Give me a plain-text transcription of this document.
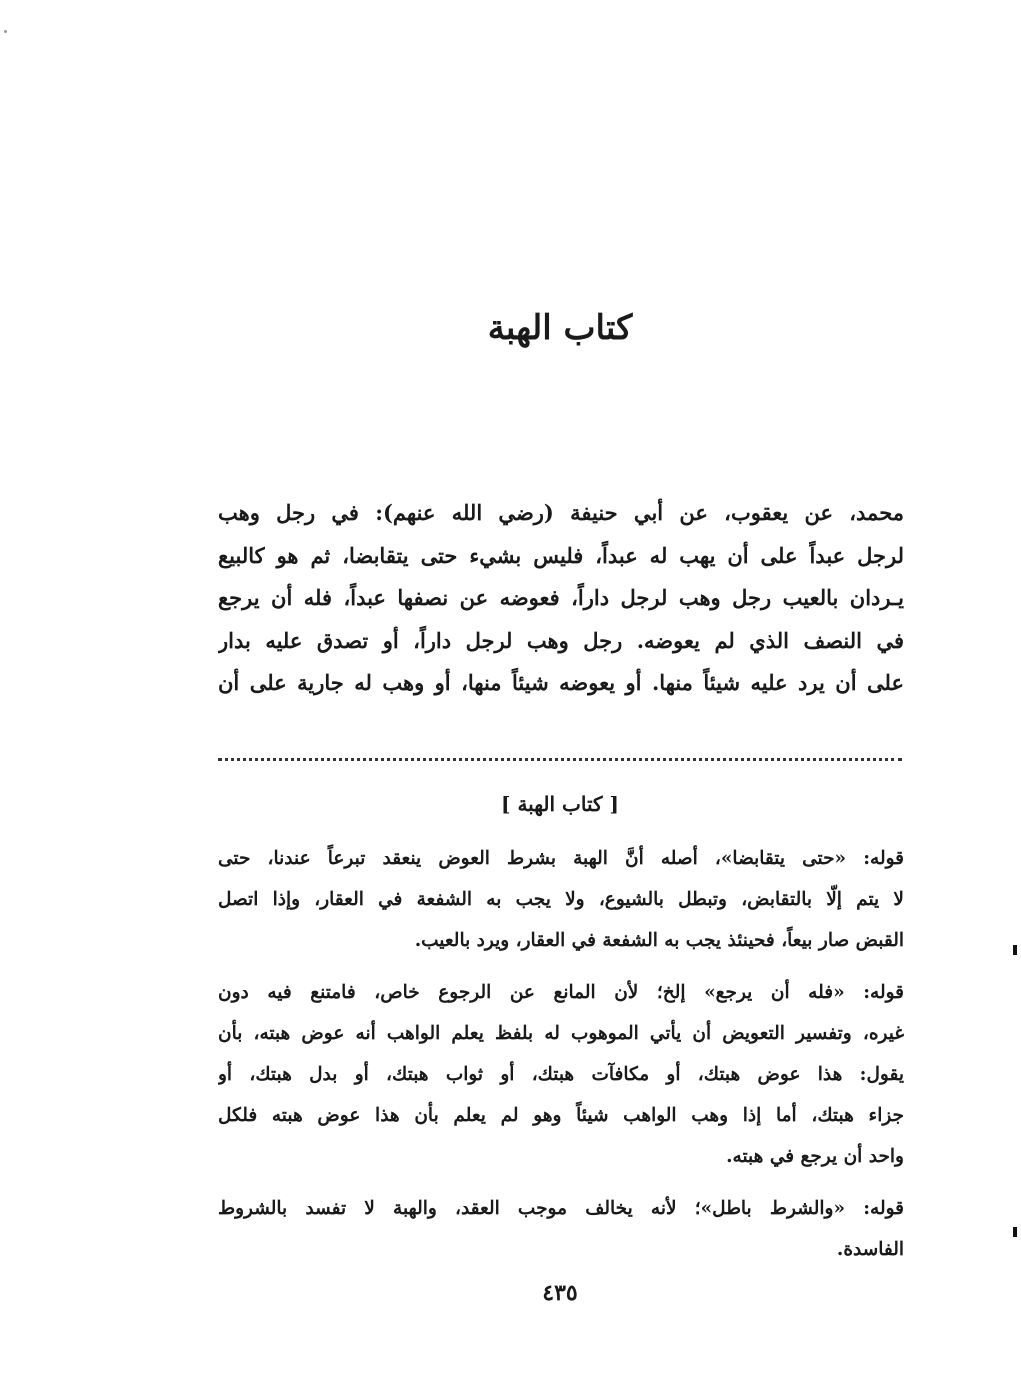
كتاب الهبة
محمد، عن يعقوب، عن أبي حنيفة (رضي الله عنهم): في رجل وهب
لرجل عبداً على أن يهب له عبداً، فليس بشيء حتى يتقابضا، ثم هو كالبيع
يـردان بالعيب رجل وهب لرجل داراً، فعوضه عن نصفها عبداً، فله أن يرجع
في النصف الذي لم يعوضه. رجل وهب لرجل داراً، أو تصدق عليه بدار
على أن يرد عليه شيئاً منها. أو يعوضه شيئاً منها، أو وهب له جارية على أن
[ كتاب الهبة ]
قوله: «حتى يتقابضا»، أصله أنَّ الهبة بشرط العوض ينعقد تبرعاً عندنا، حتى
لا يتم إلّا بالتقابض، وتبطل بالشيوع، ولا يجب به الشفعة في العقار، وإذا اتصل
القبض صار بيعاً، فحينئذ يجب به الشفعة في العقار، ويرد بالعيب.
قوله: «فله أن يرجع» إلخ؛ لأن المانع عن الرجوع خاص، فامتنع فيه دون
غيره، وتفسير التعويض أن يأتي الموهوب له بلفظ يعلم الواهب أنه عوض هبته، بأن
يقول: هذا عوض هبتك، أو مكافآت هبتك، أو ثواب هبتك، أو بدل هبتك، أو
جزاء هبتك، أما إذا وهب الواهب شيئاً وهو لم يعلم بأن هذا عوض هبته فلكل
واحد أن يرجع في هبته.
قوله: «والشرط باطل»؛ لأنه يخالف موجب العقد، والهبة لا تفسد بالشروط
الفاسدة.
٤٣٥
